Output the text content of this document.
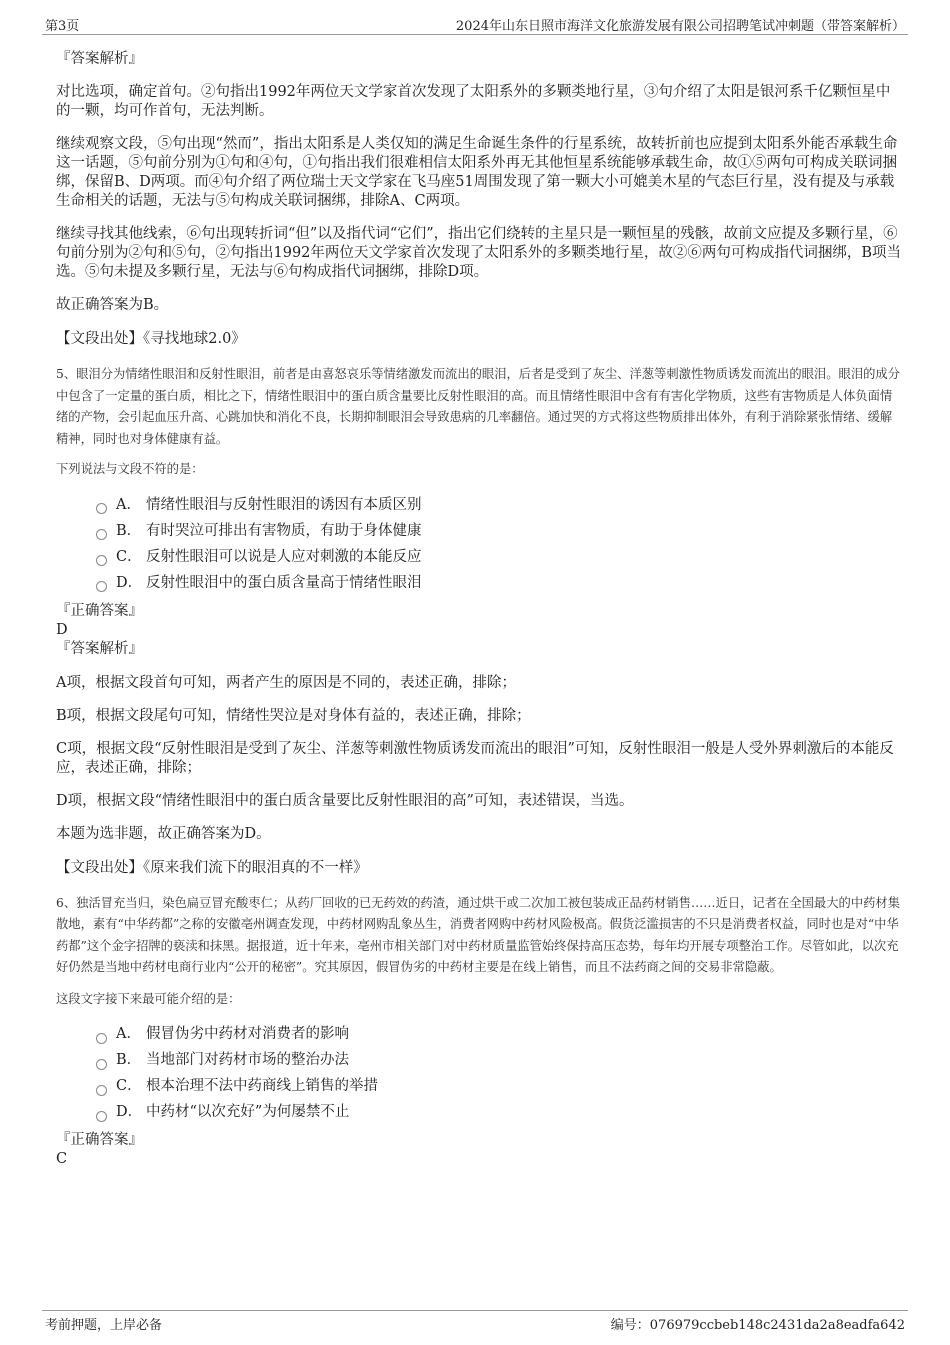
第3页	2024年山东日照市海洋文化旅游发展有限公司招聘笔试冲刺题（带答案解析）
『答案解析』

对比选项，确定首句。②句指出1992年两位天文学家首次发现了太阳系外的多颗类地行星，③句介绍了太阳是银河系千亿颗恒星中的一颗，均可作首句，无法判断。

继续观察文段，⑤句出现“然而”，指出太阳系是人类仅知的满足生命诞生条件的行星系统，故转折前也应提到太阳系外能否承载生命这一话题，⑤句前分别为①句和④句，①句指出我们很难相信太阳系外再无其他恒星系统能够承载生命，故①⑤两句可构成关联词捆绑，保留B、D两项。而④句介绍了两位瑞士天文学家在飞马座51周围发现了第一颗大小可媲美木星的气态巨行星，没有提及与承载生命相关的话题，无法与⑤句构成关联词捆绑，排除A、C两项。

继续寻找其他线索，⑥句出现转折词“但”以及指代词“它们”，指出它们绕转的主星只是一颗恒星的残骸，故前文应提及多颗行星，⑥句前分别为②句和⑤句，②句指出1992年两位天文学家首次发现了太阳系外的多颗类地行星，故②⑥两句可构成指代词捆绑，B项当选。⑤句未提及多颗行星，无法与⑥句构成指代词捆绑，排除D项。

故正确答案为B。

【文段出处】《寻找地球2.0》

5、眼泪分为情绪性眼泪和反射性眼泪，前者是由喜怒哀乐等情绪激发而流出的眼泪，后者是受到了灰尘、洋葱等刺激性物质诱发而流出的眼泪。眼泪的成分中包含了一定量的蛋白质，相比之下，情绪性眼泪中的蛋白质含量要比反射性眼泪的高。而且情绪性眼泪中含有有害化学物质，这些有害物质是人体负面情绪的产物，会引起血压升高、心跳加快和消化不良，长期抑制眼泪会导致患病的几率翻倍。通过哭的方式将这些物质排出体外，有利于消除紧张情绪、缓解精神，同时也对身体健康有益。

下列说法与文段不符的是：

A． 情绪性眼泪与反射性眼泪的诱因有本质区别
B． 有时哭泣可排出有害物质，有助于身体健康
C． 反射性眼泪可以说是人应对刺激的本能反应
D． 反射性眼泪中的蛋白质含量高于情绪性眼泪
『正确答案』
D
『答案解析』

A项，根据文段首句可知，两者产生的原因是不同的，表述正确，排除；

B项，根据文段尾句可知，情绪性哭泣是对身体有益的，表述正确，排除；

C项，根据文段“反射性眼泪是受到了灰尘、洋葱等刺激性物质诱发而流出的眼泪”可知，反射性眼泪一般是人受外界刺激后的本能反应，表述正确，排除；

D项，根据文段“情绪性眼泪中的蛋白质含量要比反射性眼泪的高”可知，表述错误，当选。

本题为选非题，故正确答案为D。

【文段出处】《原来我们流下的眼泪真的不一样》

6、独活冒充当归，染色扁豆冒充酸枣仁；从药厂回收的已无药效的药渣，通过烘干或二次加工被包装成正品药材销售……近日，记者在全国最大的中药材集散地，素有“中华药都”之称的安徽亳州调查发现，中药材网购乱象丛生，消费者网购中药材风险极高。假货泛滥损害的不只是消费者权益，同时也是对“中华药都”这个金字招牌的亵渎和抹黑。据报道，近十年来，亳州市相关部门对中药材质量监管始终保持高压态势，每年均开展专项整治工作。尽管如此，以次充好仍然是当地中药材电商行业内“公开的秘密”。究其原因，假冒伪劣的中药材主要是在线上销售，而且不法药商之间的交易非常隐蔽。

这段文字接下来最可能介绍的是：

A． 假冒伪劣中药材对消费者的影响
B． 当地部门对药材市场的整治办法
C． 根本治理不法中药商线上销售的举措
D． 中药材“以次充好”为何屡禁不止
『正确答案』
C
考前押题，上岸必备	编号：076979ccbeb148c2431da2a8eadfa642
